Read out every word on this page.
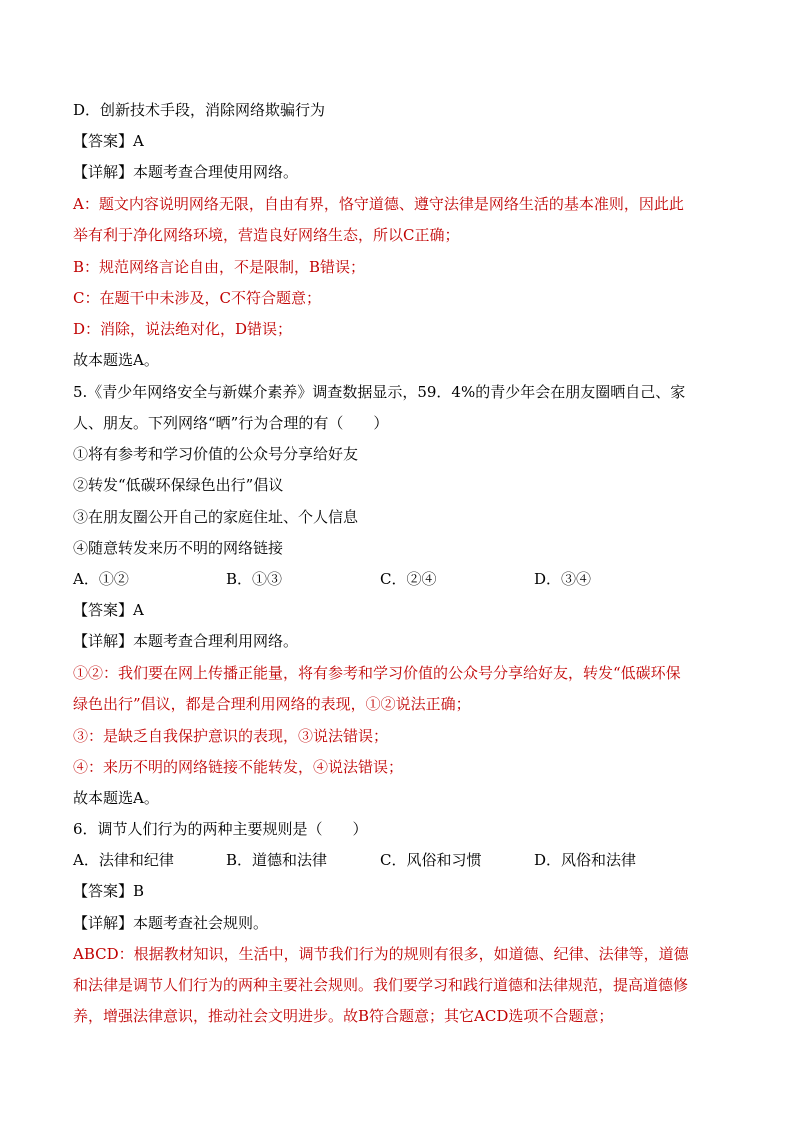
D．创新技术手段，消除网络欺骗行为
【答案】A
【详解】本题考查合理使用网络。
A：题文内容说明网络无限，自由有界，恪守道德、遵守法律是网络生活的基本准则，因此此
举有利于净化网络环境，营造良好网络生态，所以C正确；
B：规范网络言论自由，不是限制，B错误；
C：在题干中未涉及，C不符合题意；
D：消除，说法绝对化，D错误；
故本题选A。
5.《青少年网络安全与新媒介素养》调查数据显示，59．4%的青少年会在朋友圈晒自己、家
人、朋友。下列网络“晒”行为合理的有（　　）
①将有参考和学习价值的公众号分享给好友
②转发“低碳环保绿色出行”倡议
③在朋友圈公开自己的家庭住址、个人信息
④随意转发来历不明的网络链接
A．①②	B．①③	C．②④	D．③④
【答案】A
【详解】本题考查合理利用网络。
①②：我们要在网上传播正能量，将有参考和学习价值的公众号分享给好友，转发“低碳环保
绿色出行”倡议，都是合理利用网络的表现，①②说法正确；
③：是缺乏自我保护意识的表现，③说法错误；
④：来历不明的网络链接不能转发，④说法错误；
故本题选A。
6．调节人们行为的两种主要规则是（　　）
A．法律和纪律	B．道德和法律	C．风俗和习惯	D．风俗和法律
【答案】B
【详解】本题考查社会规则。
ABCD：根据教材知识，生活中，调节我们行为的规则有很多，如道德、纪律、法律等，道德
和法律是调节人们行为的两种主要社会规则。我们要学习和践行道德和法律规范，提高道德修
养，增强法律意识，推动社会文明进步。故B符合题意；其它ACD选项不合题意；
